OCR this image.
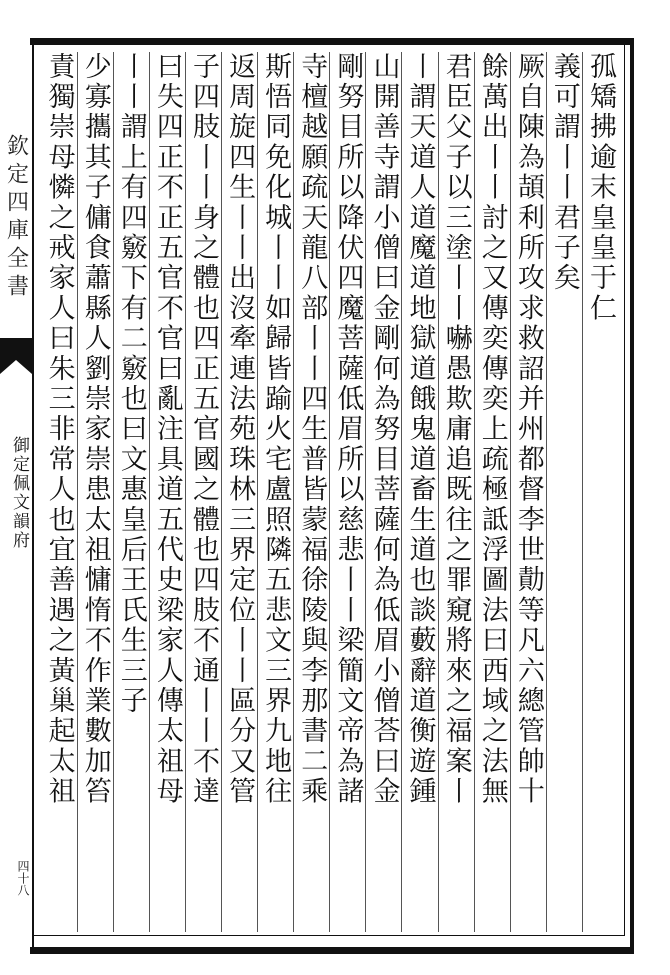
欽定四庫全書
御定佩文韻府
四十八
孤矯拂逾末皇皇于仁
義可謂丨丨君子矣
厥自陳為頡利所攻求救詔并州都督李世勣等凡六總管帥十
餘萬出丨丨討之又傳奕傳奕上疏極詆浮圖法曰西域之法無
君臣父子以三塗丨丨嚇愚欺庸追既往之罪窺將來之福案丨
丨謂天道人道魔道地獄道餓鬼道畜生道也談藪辭道衡遊鍾
山開善寺謂小僧曰金剛何為努目菩薩何為低眉小僧荅曰金
剛努目所以降伏四魔菩薩低眉所以慈悲丨丨梁簡文帝為諸
寺檀越願疏天龍八部丨丨四生普皆蒙福徐陵與李那書二乘
斯悟同免化城丨丨如歸皆踰火宅盧照隣五悲文三界九地往
返周旋四生丨丨出沒牽連法苑珠林三界定位丨丨區分又管
子四肢丨丨身之體也四正五官國之體也四肢不通丨丨不達
曰失四正不正五官不官曰亂注具道五代史梁家人傳太祖母
丨丨謂上有四竅下有二竅也曰文惠皇后王氏生三子
少寡攜其子傭食蕭縣人劉崇家崇患太祖慵惰不作業數加笞
責獨崇母憐之戒家人曰朱三非常人也宜善遇之黃巢起太祖
